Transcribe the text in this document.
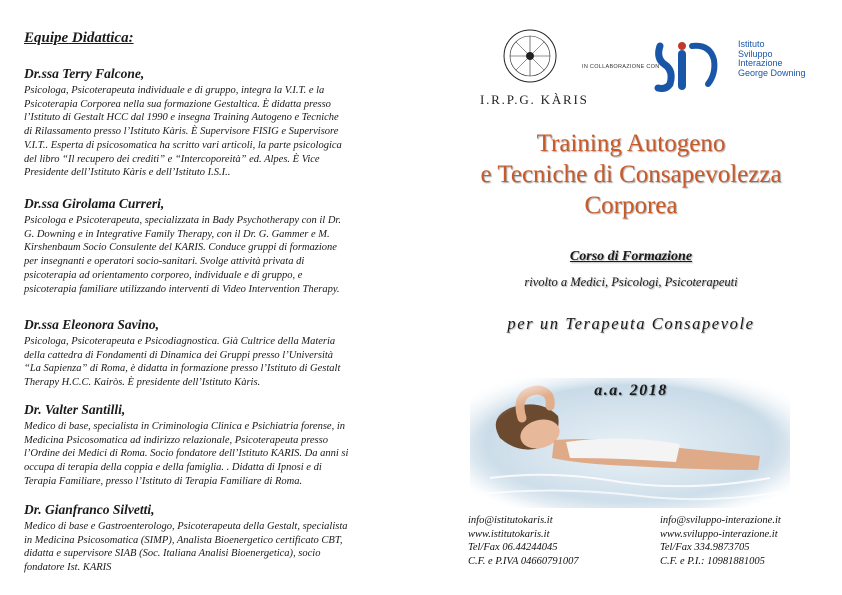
Equipe Didattica:
Dr.ssa Terry Falcone,
Psicologa, Psicoterapeuta individuale e di gruppo, integra la V.I.T. e la
Psicoterapia Corporea nella sua formazione Gestaltica. È didatta presso
l’Istituto di Gestalt HCC dal 1990 e insegna Training Autogeno e Tecniche
di Rilassamento presso l’Istituto Kàris. È Supervisore FISIG e Supervisore
V.I.T.. Esperta di psicosomatica ha scritto vari articoli, la parte psicologica
del libro “Il recupero dei crediti” e “Intercoporeità” ed. Alpes. È Vice
Presidente dell’Istituto Kàris e dell’Istituto I.S.I..
Dr.ssa Girolama Curreri,
Psicologa e Psicoterapeuta, specializzata in Bady Psychotherapy con il Dr.
G. Downing e in Integrative Family Therapy, con il Dr. G. Gammer e M.
Kirshenbaum Socio Consulente del KARIS. Conduce gruppi di formazione
per insegnanti e operatori socio-sanitari. Svolge attività privata di
psicoterapia ad orientamento corporeo, individuale e di gruppo, e
psicoterapia familiare utilizzando interventi di Video Intervention Therapy.
Dr.ssa Eleonora Savino,
Psicologa, Psicoterapeuta e Psicodiagnostica. Già Cultrice della Materia
della cattedra di Fondamenti di Dinamica dei Gruppi presso l’Università
“La Sapienza” di Roma, è didatta in formazione presso l’Istituto di Gestalt
Therapy H.C.C. Kairòs. È presidente dell’Istituto Kàris.
Dr. Valter Santilli,
Medico di base, specialista in Criminologia Clinica e Psichiatria forense, in
Medicina Psicosomatica ad indirizzo relazionale, Psicoterapeuta presso
l’Ordine dei Medici di Roma. Socio fondatore dell’Istituto KARIS. Da anni si
occupa di terapia della coppia e della famiglia. . Didatta di Ipnosi e di
Terapia Familiare, presso l’Istituto di Terapia Familiare di Roma.
Dr. Gianfranco Silvetti,
Medico di base e Gastroenterologo, Psicoterapeuta della Gestalt, specialista
in Medicina Psicosomatica (SIMP), Analista Bioenergetico certificato CBT,
didatta e supervisore SIAB (Soc. Italiana Analisi Bioenergetica), socio
fondatore Ist. KARIS
IN COLLABORAZIONE CON
Istituto
Sviluppo
Interazione
George Downing
I.R.P.G. KÀRIS
Training Autogeno
e Tecniche di Consapevolezza
Corporea
Corso di Formazione
rivolto a Medici, Psicologi, Psicoterapeuti
per un Terapeuta Consapevole
a.a. 2018
info@istitutokaris.it
www.istitutokaris.it
Tel/Fax 06.44244045
C.F. e P.IVA 04660791007
info@sviluppo-interazione.it
www.sviluppo-interazione.it
Tel/Fax 334.9873705
C.F. e P.I.: 10981881005
